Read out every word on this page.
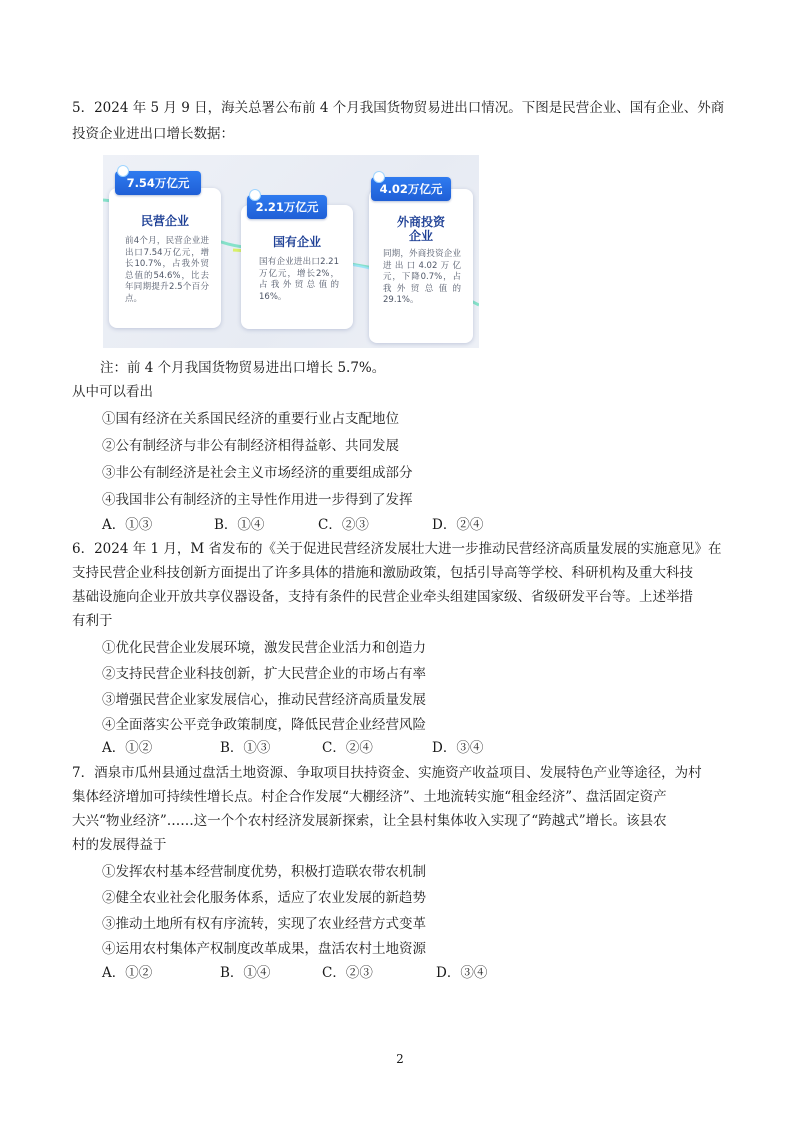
5．2024 年 5 月 9 日，海关总署公布前 4 个月我国货物贸易进出口情况。下图是民营企业、国有企业、外商
投资企业进出口增长数据：
民营企业
前4个月，民营企业进出口7.54万亿元，增长10.7%，占我外贸总值的54.6%，比去年同期提升2.5个百分点。
7.54万亿元
国有企业
国有企业进出口2.21万亿元，增长2%，占我外贸总值的16%。
2.21万亿元
外商投资
企业
同期，外商投资企业进出口4.02万亿元，下降0.7%，占我外贸总值的29.1%。
4.02万亿元
注：前 4 个月我国货物贸易进出口增长 5.7%。
从中可以看出
①国有经济在关系国民经济的重要行业占支配地位
②公有制经济与非公有制经济相得益彰、共同发展
③非公有制经济是社会主义市场经济的重要组成部分
④我国非公有制经济的主导性作用进一步得到了发挥
A．①③	B．①④	C．②③	D．②④
6．2024 年 1 月，M 省发布的《关于促进民营经济发展壮大进一步推动民营经济高质量发展的实施意见》在
支持民营企业科技创新方面提出了许多具体的措施和激励政策，包括引导高等学校、科研机构及重大科技
基础设施向企业开放共享仪器设备，支持有条件的民营企业牵头组建国家级、省级研发平台等。上述举措
有利于
①优化民营企业发展环境，激发民营企业活力和创造力
②支持民营企业科技创新，扩大民营企业的市场占有率
③增强民营企业家发展信心，推动民营经济高质量发展
④全面落实公平竞争政策制度，降低民营企业经营风险
A．①②	B．①③	C．②④	D．③④
7．酒泉市瓜州县通过盘活土地资源、争取项目扶持资金、实施资产收益项目、发展特色产业等途径，为村
集体经济增加可持续性增长点。村企合作发展“大棚经济”、土地流转实施“租金经济”、盘活固定资产
大兴“物业经济”……这一个个农村经济发展新探索，让全县村集体收入实现了“跨越式”增长。该县农
村的发展得益于
①发挥农村基本经营制度优势，积极打造联农带农机制
②健全农业社会化服务体系，适应了农业发展的新趋势
③推动土地所有权有序流转，实现了农业经营方式变革
④运用农村集体产权制度改革成果，盘活农村土地资源
A．①②	B．①④	C．②③	D．③④
2
